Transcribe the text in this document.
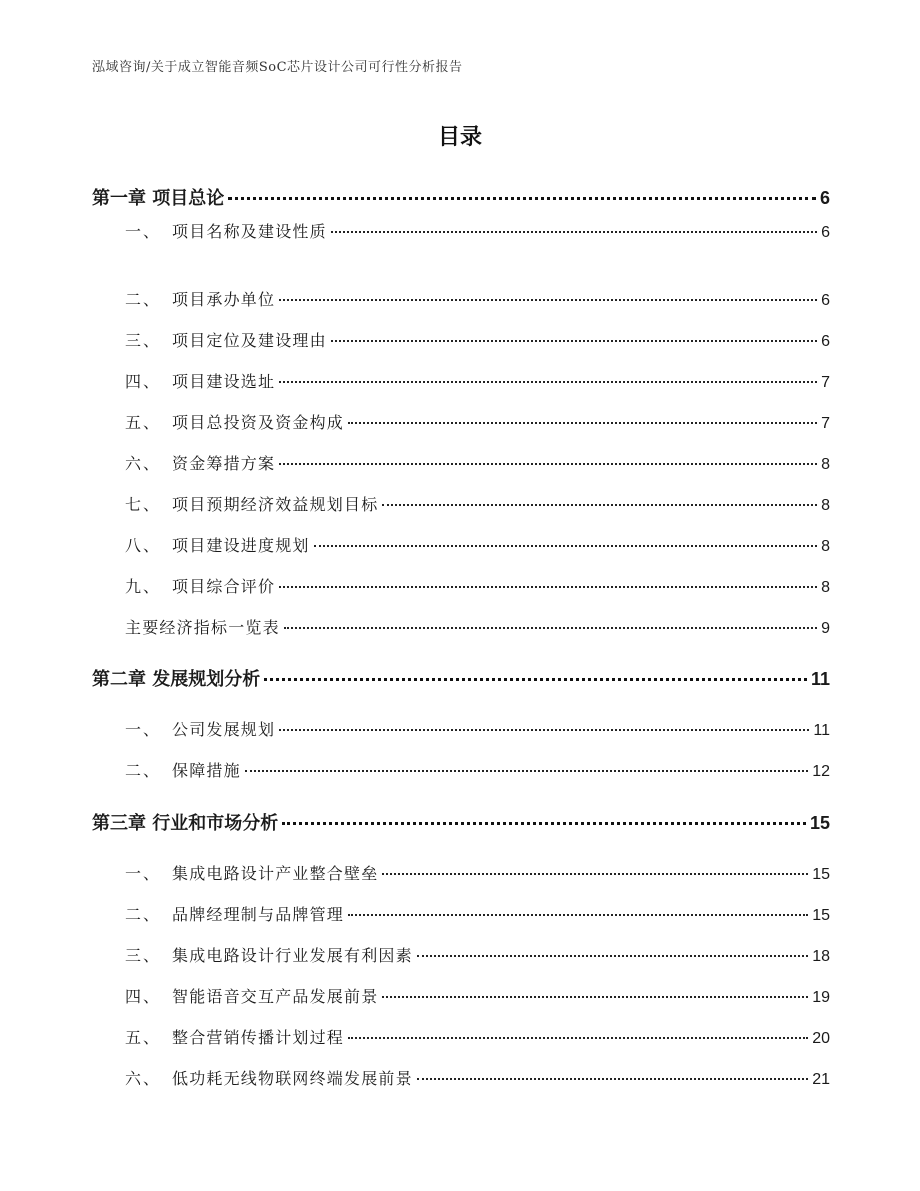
泓域咨询/关于成立智能音频SoC芯片设计公司可行性分析报告
目录
第一章 项目总论	6
一、 项目名称及建设性质	6
二、 项目承办单位	6
三、 项目定位及建设理由	6
四、 项目建设选址	7
五、 项目总投资及资金构成	7
六、 资金筹措方案	8
七、 项目预期经济效益规划目标	8
八、 项目建设进度规划	8
九、 项目综合评价	8
主要经济指标一览表	9
第二章 发展规划分析	11
一、 公司发展规划	11
二、 保障措施	12
第三章 行业和市场分析	15
一、 集成电路设计产业整合壁垒	15
二、 品牌经理制与品牌管理	15
三、 集成电路设计行业发展有利因素	18
四、 智能语音交互产品发展前景	19
五、 整合营销传播计划过程	20
六、 低功耗无线物联网终端发展前景	21
